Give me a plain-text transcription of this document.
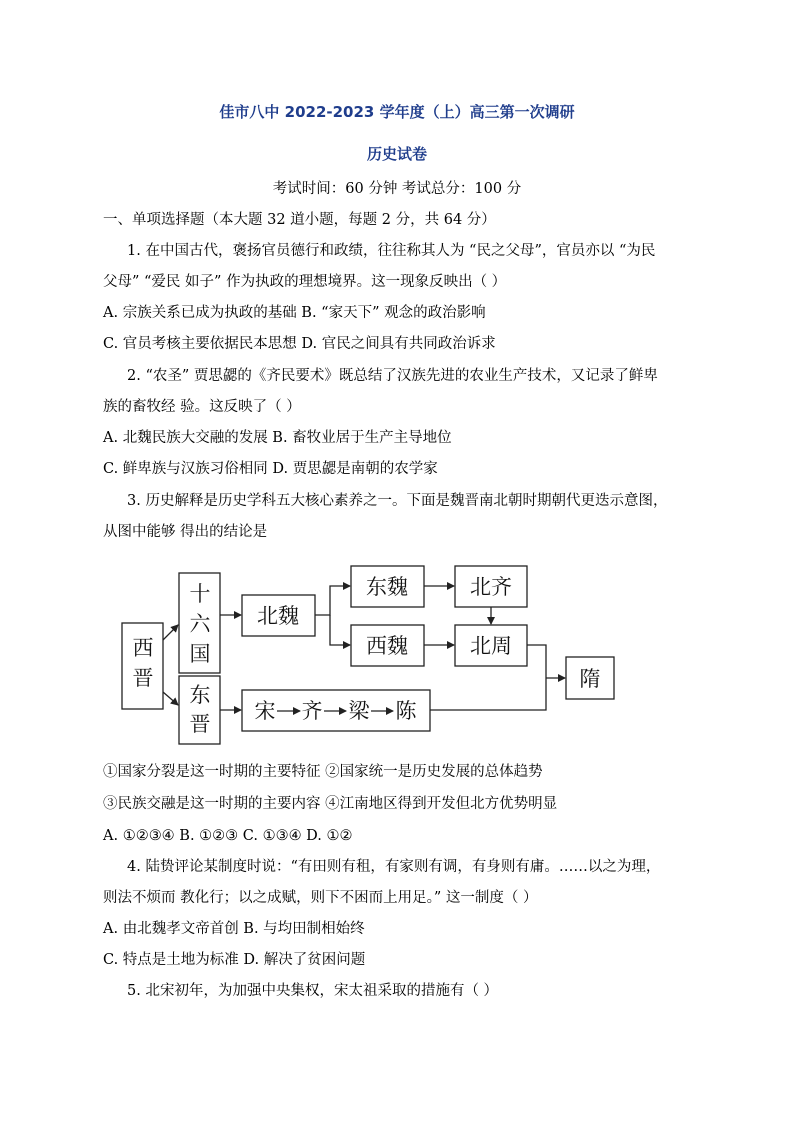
佳市八中 2022-2023 学年度（上）高三第一次调研
历史试卷
考试时间：60 分钟 考试总分：100 分
一、单项选择题（本大题 32 道小题，每题 2 分，共 64 分）
1. 在中国古代，褒扬官员德行和政绩，往往称其人为 “民之父母”，官员亦以 “为民
父母” “爱民 如子” 作为执政的理想境界。这一现象反映出（ ）
A. 宗族关系已成为执政的基础 B. “家天下” 观念的政治影响
C. 官员考核主要依据民本思想 D. 官民之间具有共同政治诉求
2. “农圣” 贾思勰的《齐民要术》既总结了汉族先进的农业生产技术，又记录了鲜卑
族的畜牧经 验。这反映了（ ）
A. 北魏民族大交融的发展 B. 畜牧业居于生产主导地位
C. 鲜卑族与汉族习俗相同 D. 贾思勰是南朝的农学家
3. 历史解释是历史学科五大核心素养之一。下面是魏晋南北朝时期朝代更迭示意图，
从图中能够 得出的结论是
西
晋
十
六
国
东
晋
北魏
东魏
西魏
北齐
北周
隋
宋 齐 梁 陈
①国家分裂是这一时期的主要特征 ②国家统一是历史发展的总体趋势
③民族交融是这一时期的主要内容 ④江南地区得到开发但北方优势明显
A. ①②③④ B. ①②③ C. ①③④ D. ①②
4. 陆贽评论某制度时说：“有田则有租，有家则有调，有身则有庸。……以之为理，
则法不烦而 教化行；以之成赋，则下不困而上用足。” 这一制度（ ）
A. 由北魏孝文帝首创 B. 与均田制相始终
C. 特点是土地为标准 D. 解决了贫困问题
5. 北宋初年，为加强中央集权，宋太祖采取的措施有（ ）
